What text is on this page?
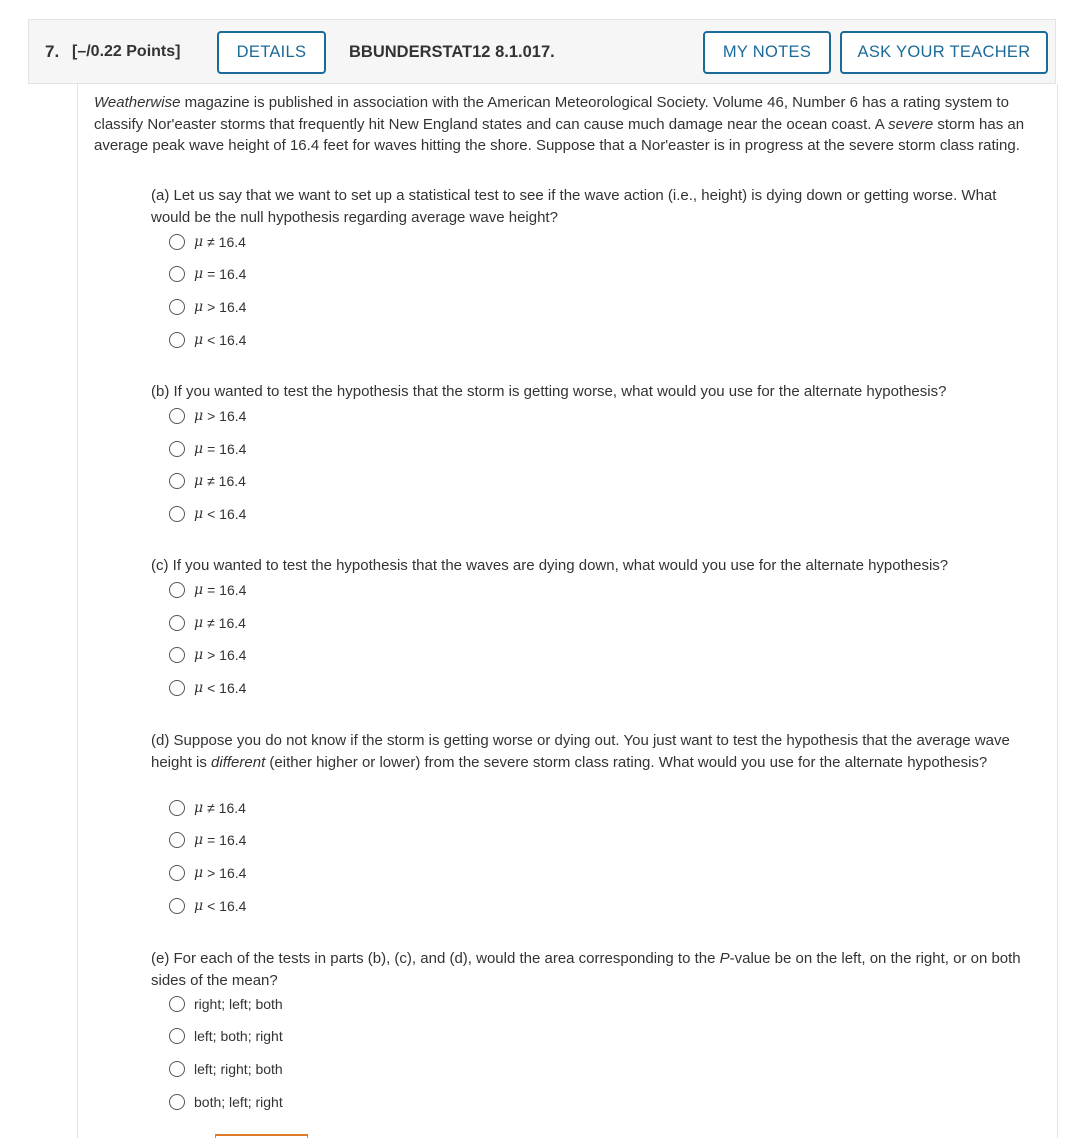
7. [–/0.22 Points]	DETAILS	BBUNDERSTAT12 8.1.017.	MY NOTES	ASK YOUR TEACHER
Weatherwise magazine is published in association with the American Meteorological Society. Volume 46, Number 6 has a rating system to classify Nor'easter storms that frequently hit New England states and can cause much damage near the ocean coast. A severe storm has an average peak wave height of 16.4 feet for waves hitting the shore. Suppose that a Nor'easter is in progress at the severe storm class rating.
(a) Let us say that we want to set up a statistical test to see if the wave action (i.e., height) is dying down or getting worse. What would be the null hypothesis regarding average wave height?
μ ≠ 16.4
μ = 16.4
μ > 16.4
μ < 16.4
(b) If you wanted to test the hypothesis that the storm is getting worse, what would you use for the alternate hypothesis?
μ > 16.4
μ = 16.4
μ ≠ 16.4
μ < 16.4
(c) If you wanted to test the hypothesis that the waves are dying down, what would you use for the alternate hypothesis?
μ = 16.4
μ ≠ 16.4
μ > 16.4
μ < 16.4
(d) Suppose you do not know if the storm is getting worse or dying out. You just want to test the hypothesis that the average wave height is different (either higher or lower) from the severe storm class rating. What would you use for the alternate hypothesis?
μ ≠ 16.4
μ = 16.4
μ > 16.4
μ < 16.4
(e) For each of the tests in parts (b), (c), and (d), would the area corresponding to the P-value be on the left, on the right, or on both sides of the mean?
right; left; both
left; both; right
left; right; both
both; left; right
